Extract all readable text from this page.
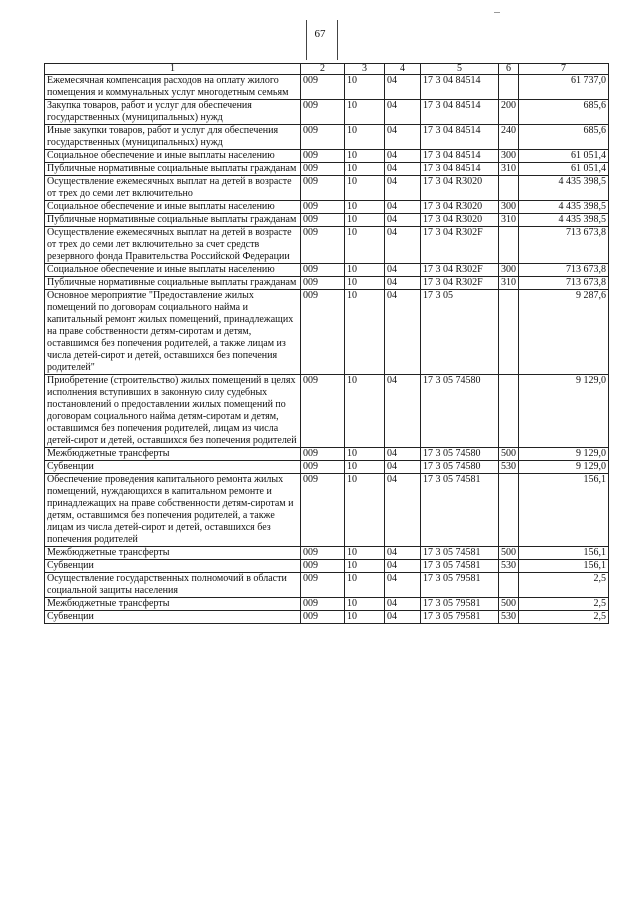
67
1	2	3	4	5	6	7
Ежемесячная компенсация расходов на оплату жилого помещения и коммунальных услуг многодетным семьям	009	10	04	17 3 04 84514		61 737,0
Закупка товаров, работ и услуг для обеспечения государственных (муниципальных) нужд	009	10	04	17 3 04 84514	200	685,6
Иные закупки товаров, работ и услуг для обеспечения государственных (муниципальных) нужд	009	10	04	17 3 04 84514	240	685,6
Социальное обеспечение и иные выплаты населению	009	10	04	17 3 04 84514	300	61 051,4
Публичные нормативные социальные выплаты гражданам	009	10	04	17 3 04 84514	310	61 051,4
Осуществление ежемесячных выплат на детей в возрасте от трех до семи лет включительно	009	10	04	17 3 04 R3020		4 435 398,5
Социальное обеспечение и иные выплаты населению	009	10	04	17 3 04 R3020	300	4 435 398,5
Публичные нормативные социальные выплаты гражданам	009	10	04	17 3 04 R3020	310	4 435 398,5
Осуществление ежемесячных выплат на детей в возрасте от трех до семи лет включительно за счет средств резервного фонда Правительства Российской Федерации	009	10	04	17 3 04 R302F		713 673,8
Социальное обеспечение и иные выплаты населению	009	10	04	17 3 04 R302F	300	713 673,8
Публичные нормативные социальные выплаты гражданам	009	10	04	17 3 04 R302F	310	713 673,8
Основное мероприятие "Предоставление жилых помещений по договорам социального найма и капитальный ремонт жилых помещений, принадлежащих на праве собственности детям-сиротам и детям, оставшимся без попечения родителей, а также лицам из числа детей-сирот и детей, оставшихся без попечения родителей"	009	10	04	17 3 05		9 287,6
Приобретение (строительство) жилых помещений в целях исполнения вступивших в законную силу судебных постановлений о предоставлении жилых помещений по договорам социального найма детям-сиротам и детям, оставшимся без попечения родителей, лицам из числа детей-сирот и детей, оставшихся без попечения родителей	009	10	04	17 3 05 74580		9 129,0
Межбюджетные трансферты	009	10	04	17 3 05 74580	500	9 129,0
Субвенции	009	10	04	17 3 05 74580	530	9 129,0
Обеспечение проведения капитального ремонта жилых помещений, нуждающихся в капитальном ремонте и принадлежащих на праве собственности детям-сиротам и детям, оставшимся без попечения родителей, а также лицам из числа детей-сирот и детей, оставшихся без попечения родителей	009	10	04	17 3 05 74581		156,1
Межбюджетные трансферты	009	10	04	17 3 05 74581	500	156,1
Субвенции	009	10	04	17 3 05 74581	530	156,1
Осуществление государственных полномочий в области социальной защиты населения	009	10	04	17 3 05 79581		2,5
Межбюджетные трансферты	009	10	04	17 3 05 79581	500	2,5
Субвенции	009	10	04	17 3 05 79581	530	2,5
